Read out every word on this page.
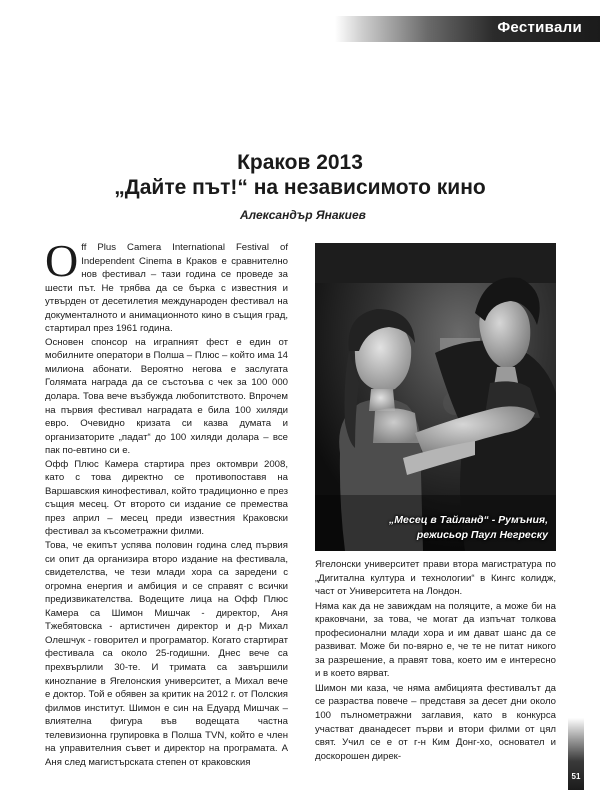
Фестивали
Краков 2013
„Дайте път!“ на независимото кино
Александър Янакиев

Off Plus Camera International Festival of Independent Cinema в Краков е сравнително нов фестивал – тази година се проведе за шести път. Не трябва да се бърка с известния и утвърден от десетилетия международен фестивал на документалното и анимационното кино в същия град, стартирал през 1961 година.

Основен спонсор на играпният фест е един от мобилните оператори в Полша – Плюс – който има 14 милиона абонати. Вероятно негова е заслугата Голямата награда да се състоъва с чек за 100 000 долара. Това вече възбужда любопитството. Впрочем на първия фестивал наградата е била 100 хиляди евро. Очевидно кризата си казва думата и организаторите „падат“ до 100 хиляди долара – все пак по-евтино си е.

Офф Плюс Камера стартира през октомври 2008, като с това директно се противопоставя на Варшавския кинофестивал, който традиционно е през същия месец. От второто си издание се премества през април – месец преди известния Краковски фестивал за късометражни филми.

Това, че екипът успява половин година след първия си опит да организира второ издание на фестивала, свидетелства, че тези млади хора са заредени с огромна енергия и амбиция и се справят с всички предизвикателства. Водещите лица на Офф Плюс Камера са Шимон Мишчак - директор, Аня Тжебятовска - артистичен директор и д-р Михал Олешчук - говорител и програматор. Когато стартират фестивала са около 25-годишни. Днес вече са прехвърлили 30-те. И тримата са завършили киноznание в Ягелонския университет, а Михал вече е доктор. Той е обявен за критик на 2012 г. от Полския филмов институт. Шимон е син на Едуард Мишчак – влиятелна фигура във водещата частна телевизионна групировка в Полша TVN, който е член на управителния съвет и директор на програмата. А Аня след магистърската степен от краковския

„Месец в Тайланд“ - Румъния,
режисьор Паул Негреску

Ягелонски университет прави втора магистратура по „Дигитална култура и технологии“ в Кингс колидж, част от Университета на Лондон.

Няма как да не завиждам на поляците, а може би на краковчани, за това, че могат да изпъчат толкова професионални млади хора и им дават шанс да се развиват. Може би по-вярно е, че те не питат никого за разрешение, а правят това, което им е интересно и в което вярват.

Шимон ми каза, че няма амбицията фестивалът да се разраства повече – представя за десет дни около 100 пълнометражни заглавия, като в конкурса участват дванадесет първи и втори филми от цял свят. Учил се е от г-н Ким Донг-хо, основател и доскорошен дирек-

51
